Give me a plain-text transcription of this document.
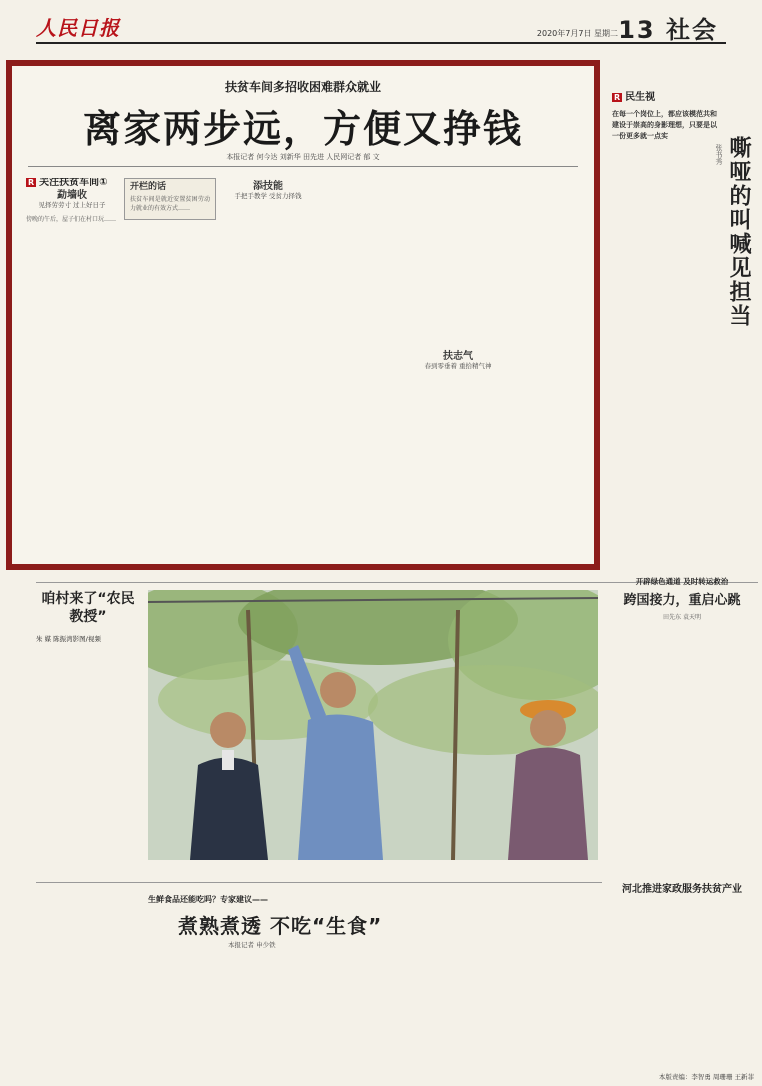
人民日报	2020年7月7日 星期二 13 社会
扶贫车间多招收困难群众就业
离家两步远，方便又挣钱
本报记者 何今达 刘新华 田先进 人民网记者 郁 文
R 关注扶贫车间①
勐墙收
见择劳劳寸 过上好日子

傍晚的午后，屋子们在村口玩……

开栏的话

扶贫车间是就近安置贫困劳动力就业的有效方式……

添技能
手把手教学 受贫力择钱
扶志气
春到零垂着 重拾精气神
R 民生视
在每一个岗位上，都应该模范共和建设于崇高的身影理想，只要是以一份更多就一点实	嘶哑的叫喊见担当
张书秀
咱村来了“农民教授”
朱 媒 陈振湾影图/视频
开辟绿色通道 及时转运救治
跨国接力，重启心跳
田先东 袁天明
生鲜食品还能吃吗？专家建议——
煮熟煮透 不吃“生食”
本报记者 申少铁
河北推进家政服务扶贫产业
本版责编：李智勇 周珊珊 王新菲
